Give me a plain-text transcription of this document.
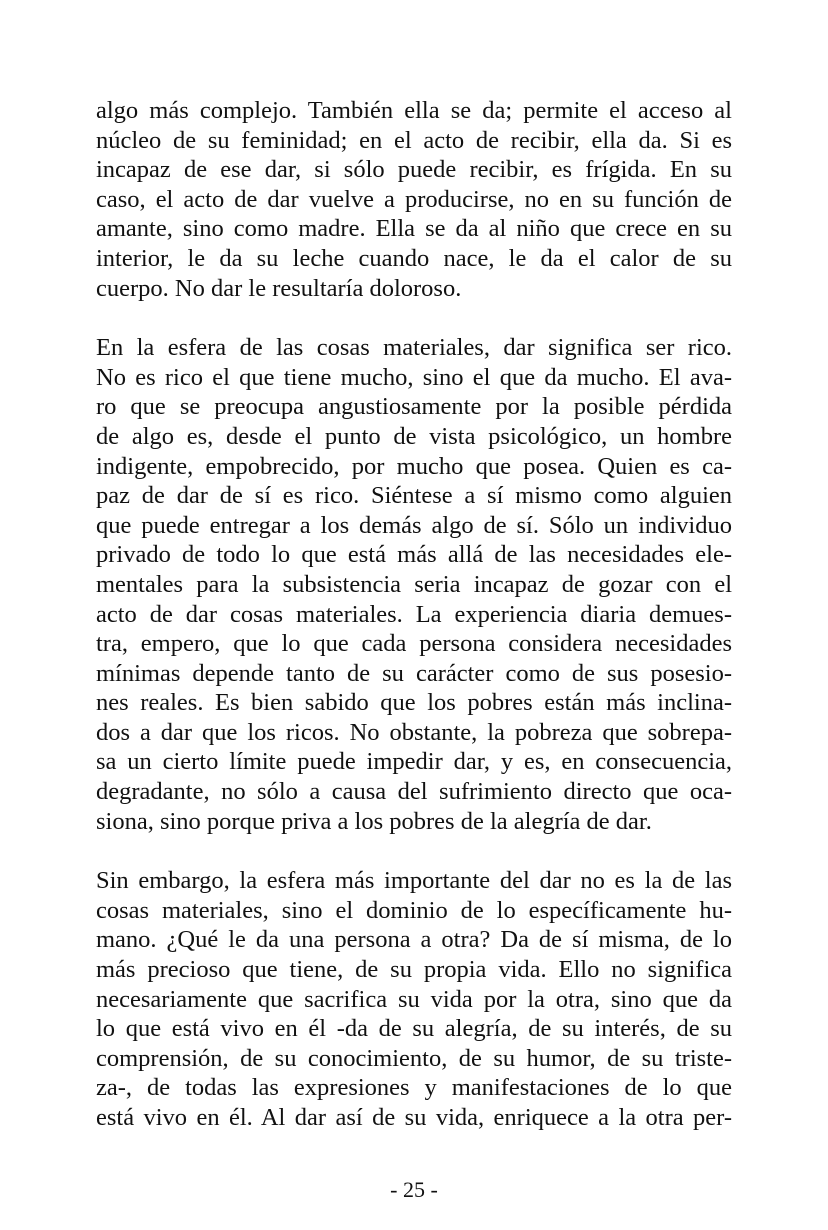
algo más complejo. También ella se da; permite el acceso al
núcleo de su feminidad; en el acto de recibir, ella da. Si es
incapaz de ese dar, si sólo puede recibir, es frígida. En su
caso, el acto de dar vuelve a producirse, no en su función de
amante, sino como madre. Ella se da al niño que crece en su
interior, le da su leche cuando nace, le da el calor de su
cuerpo. No dar le resultaría doloroso.
En la esfera de las cosas materiales, dar significa ser rico.
No es rico el que tiene mucho, sino el que da mucho. El ava-
ro que se preocupa angustiosamente por la posible pérdida
de algo es, desde el punto de vista psicológico, un hombre
indigente, empobrecido, por mucho que posea. Quien es ca-
paz de dar de sí es rico. Siéntese a sí mismo como alguien
que puede entregar a los demás algo de sí. Sólo un individuo
privado de todo lo que está más allá de las necesidades ele-
mentales para la subsistencia seria incapaz de gozar con el
acto de dar cosas materiales. La experiencia diaria demues-
tra, empero, que lo que cada persona considera necesidades
mínimas depende tanto de su carácter como de sus posesio-
nes reales. Es bien sabido que los pobres están más inclina-
dos a dar que los ricos. No obstante, la pobreza que sobrepa-
sa un cierto límite puede impedir dar, y es, en consecuencia,
degradante, no sólo a causa del sufrimiento directo que oca-
siona, sino porque priva a los pobres de la alegría de dar.
Sin embargo, la esfera más importante del dar no es la de las
cosas materiales, sino el dominio de lo específicamente hu-
mano. ¿Qué le da una persona a otra? Da de sí misma, de lo
más precioso que tiene, de su propia vida. Ello no significa
necesariamente que sacrifica su vida por la otra, sino que da
lo que está vivo en él -da de su alegría, de su interés, de su
comprensión, de su conocimiento, de su humor, de su triste-
za-, de todas las expresiones y manifestaciones de lo que
está vivo en él. Al dar así de su vida, enriquece a la otra per-
- 25 -
